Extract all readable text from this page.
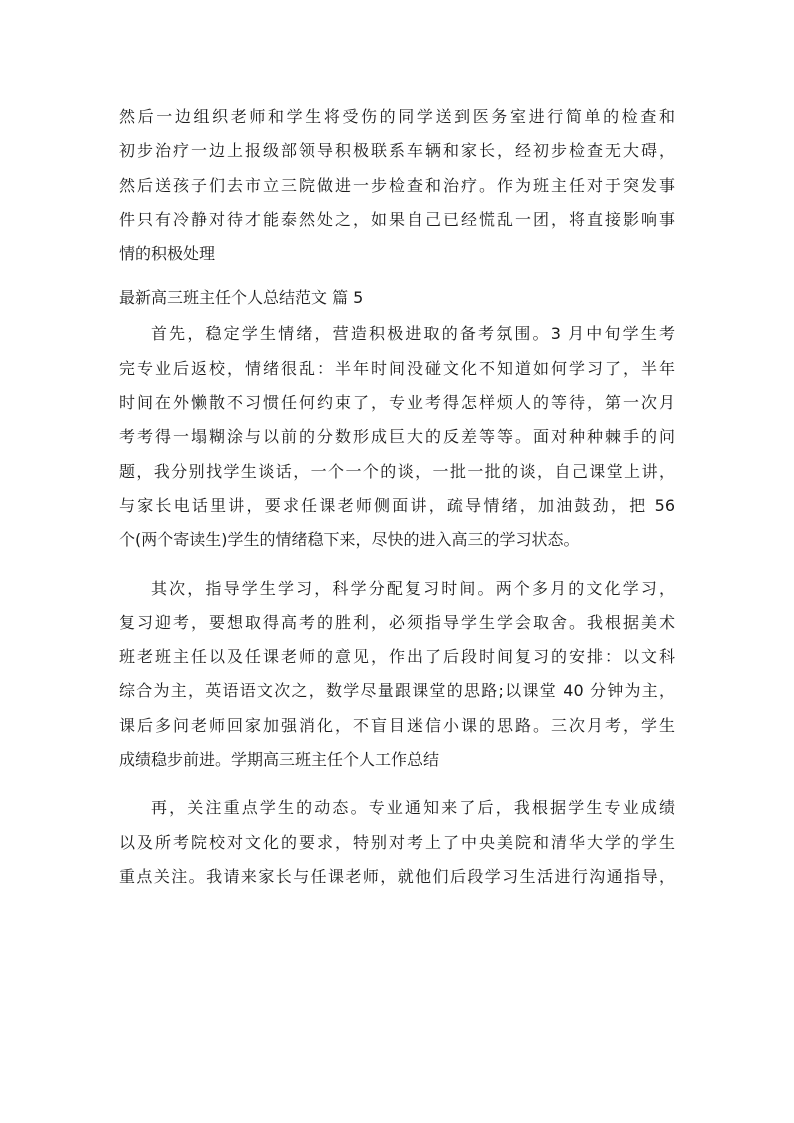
然后一边组织老师和学生将受伤的同学送到医务室进行简单的检查和
初步治疗一边上报级部领导积极联系车辆和家长，经初步检查无大碍，
然后送孩子们去市立三院做进一步检查和治疗。作为班主任对于突发事
件只有冷静对待才能泰然处之，如果自己已经慌乱一团，将直接影响事
情的积极处理
最新高三班主任个人总结范文 篇 5
首先，稳定学生情绪，营造积极进取的备考氛围。3 月中旬学生考
完专业后返校，情绪很乱：半年时间没碰文化不知道如何学习了，半年
时间在外懒散不习惯任何约束了，专业考得怎样烦人的等待，第一次月
考考得一塌糊涂与以前的分数形成巨大的反差等等。面对种种棘手的问
题，我分别找学生谈话，一个一个的谈，一批一批的谈，自己课堂上讲，
与家长电话里讲，要求任课老师侧面讲，疏导情绪，加油鼓劲，把 56
个(两个寄读生)学生的情绪稳下来，尽快的进入高三的学习状态。
其次，指导学生学习，科学分配复习时间。两个多月的文化学习，
复习迎考，要想取得高考的胜利，必须指导学生学会取舍。我根据美术
班老班主任以及任课老师的意见，作出了后段时间复习的安排：以文科
综合为主，英语语文次之，数学尽量跟课堂的思路;以课堂 40 分钟为主，
课后多问老师回家加强消化，不盲目迷信小课的思路。三次月考，学生
成绩稳步前进。学期高三班主任个人工作总结
再，关注重点学生的动态。专业通知来了后，我根据学生专业成绩
以及所考院校对文化的要求，特别对考上了中央美院和清华大学的学生
重点关注。我请来家长与任课老师，就他们后段学习生活进行沟通指导，
